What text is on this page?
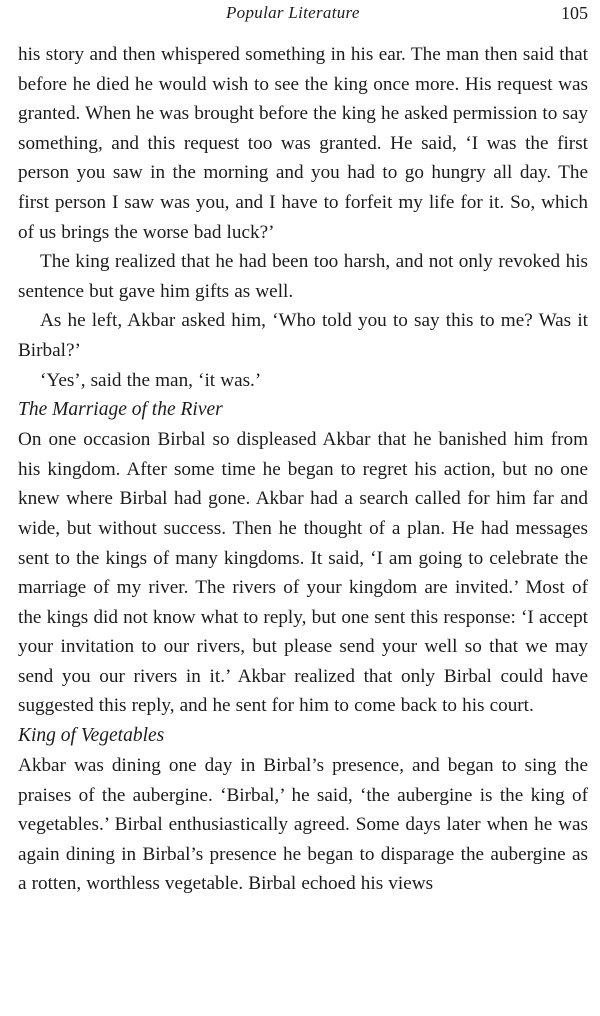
Popular Literature	105

his story and then whispered something in his ear. The man then said that before he died he would wish to see the king once more. His request was granted. When he was brought before the king he asked permission to say something, and this request too was granted. He said, ‘I was the first person you saw in the morning and you had to go hungry all day. The first person I saw was you, and I have to forfeit my life for it. So, which of us brings the worse bad luck?’

The king realized that he had been too harsh, and not only revoked his sentence but gave him gifts as well.

As he left, Akbar asked him, ‘Who told you to say this to me? Was it Birbal?’

‘Yes’, said the man, ‘it was.’

The Marriage of the River

On one occasion Birbal so displeased Akbar that he banished him from his kingdom. After some time he began to regret his action, but no one knew where Birbal had gone. Akbar had a search called for him far and wide, but without success. Then he thought of a plan. He had messages sent to the kings of many kingdoms. It said, ‘I am going to celebrate the marriage of my river. The rivers of your kingdom are invited.’ Most of the kings did not know what to reply, but one sent this response: ‘I accept your invitation to our rivers, but please send your well so that we may send you our rivers in it.’ Akbar realized that only Birbal could have suggested this reply, and he sent for him to come back to his court.

King of Vegetables

Akbar was dining one day in Birbal’s presence, and began to sing the praises of the aubergine. ‘Birbal,’ he said, ‘the aubergine is the king of vegetables.’ Birbal enthusiastically agreed. Some days later when he was again dining in Birbal’s presence he began to disparage the aubergine as a rotten, worthless vegetable. Birbal echoed his views
